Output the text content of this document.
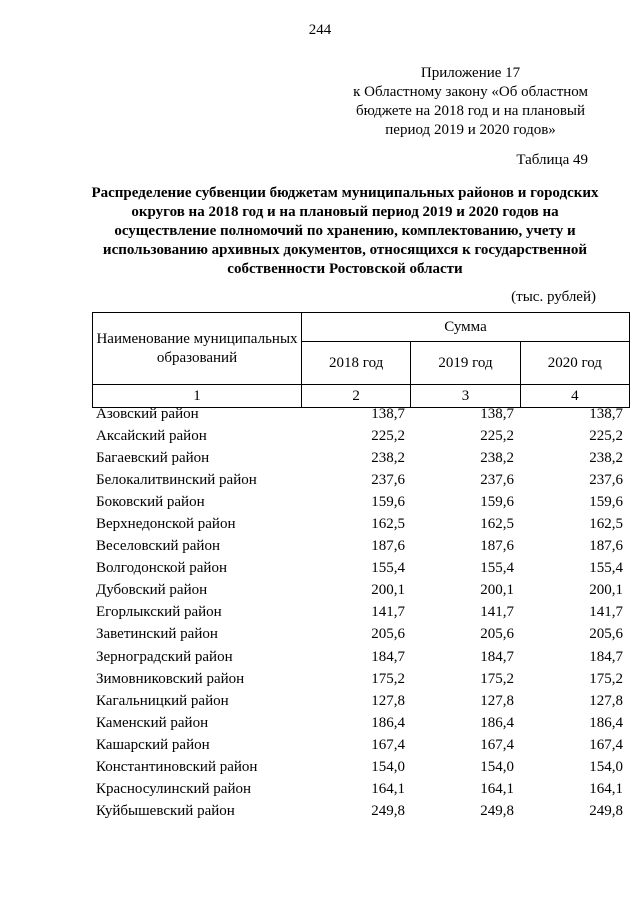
244
Приложение 17
к Областному закону «Об областном
бюджете на 2018 год и на плановый
период 2019 и 2020 годов»
Таблица 49
Распределение субвенции бюджетам муниципальных районов и городских округов на 2018 год и на плановый период 2019 и 2020 годов на осуществление полномочий по хранению, комплектованию, учету и использованию архивных документов, относящихся к государственной собственности Ростовской области
(тыс. рублей)
Наименование муниципальных образований	Сумма		
	2018 год	2019 год	2020 год
1	2	3	4
Азовский район	138,7	138,7	138,7
Аксайский район	225,2	225,2	225,2
Багаевский район	238,2	238,2	238,2
Белокалитвинский район	237,6	237,6	237,6
Боковский район	159,6	159,6	159,6
Верхнедонской район	162,5	162,5	162,5
Веселовский район	187,6	187,6	187,6
Волгодонской район	155,4	155,4	155,4
Дубовский район	200,1	200,1	200,1
Егорлыкский район	141,7	141,7	141,7
Заветинский район	205,6	205,6	205,6
Зерноградский район	184,7	184,7	184,7
Зимовниковский район	175,2	175,2	175,2
Кагальницкий район	127,8	127,8	127,8
Каменский район	186,4	186,4	186,4
Кашарский район	167,4	167,4	167,4
Константиновский район	154,0	154,0	154,0
Красносулинский район	164,1	164,1	164,1
Куйбышевский район	249,8	249,8	249,8
